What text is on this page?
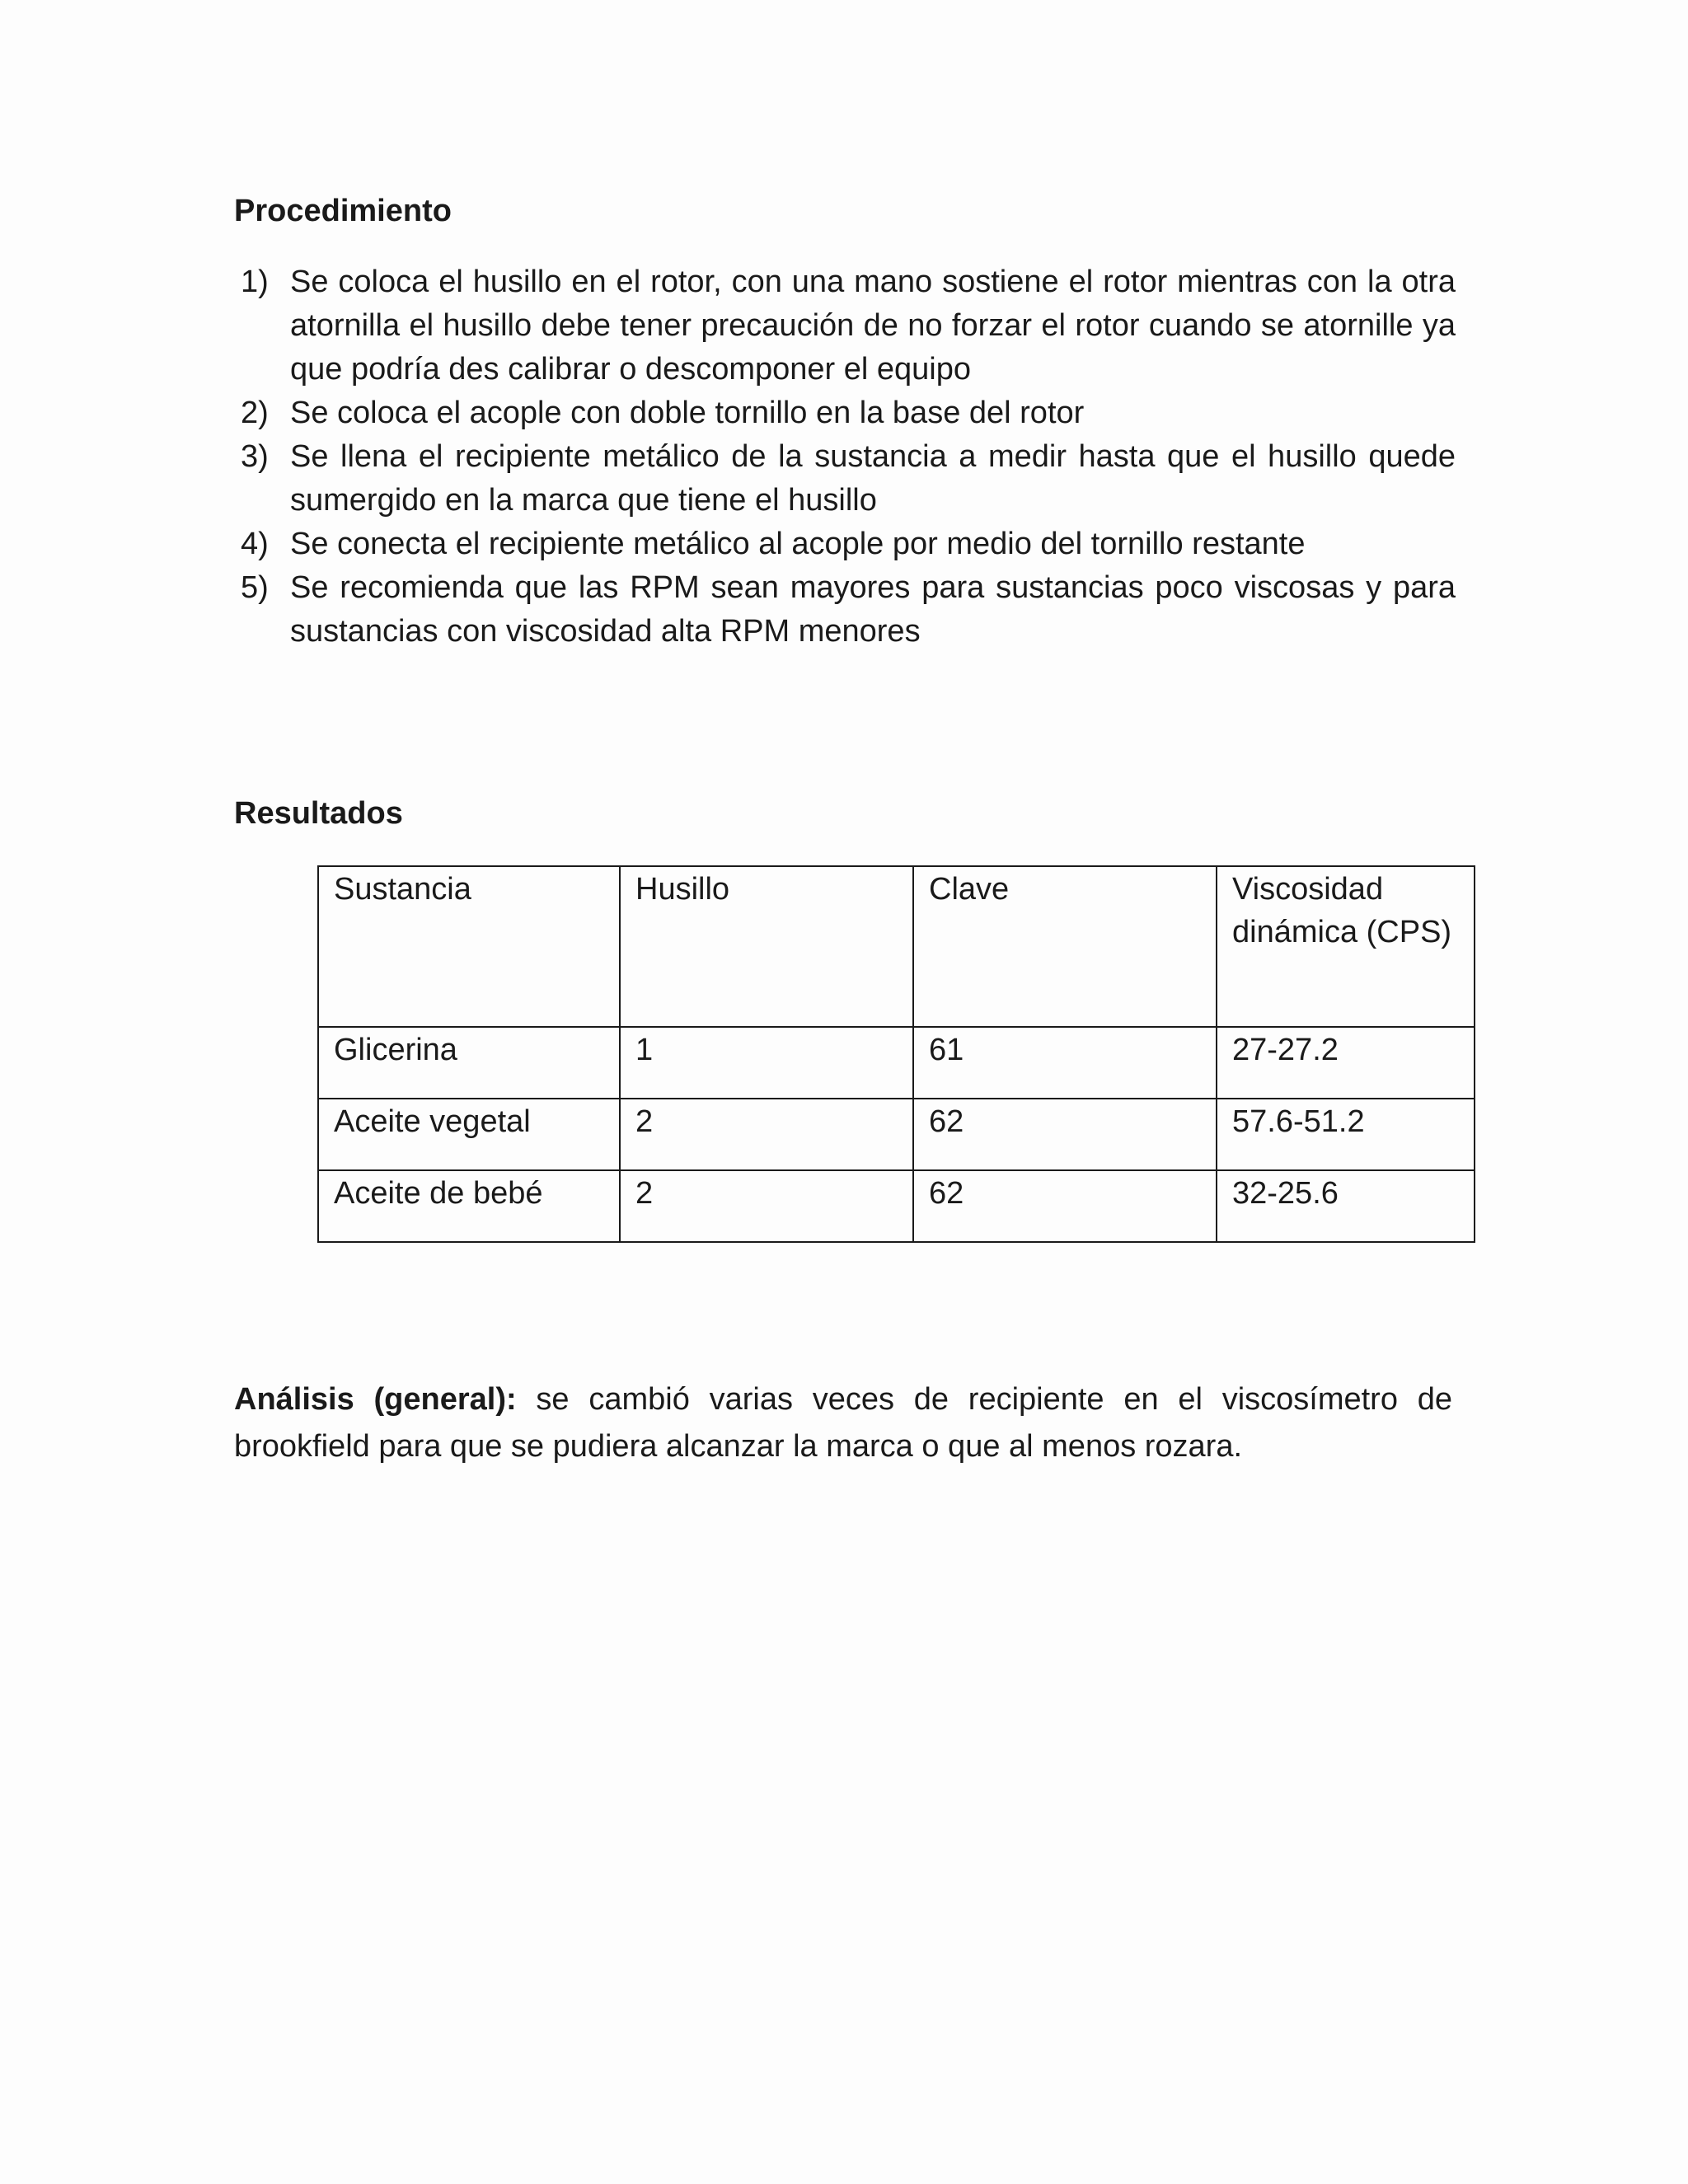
Procedimiento
1) Se coloca el husillo en el rotor, con una mano sostiene el rotor mientras con la otra atornilla el husillo debe tener precaución de no forzar el rotor cuando se atornille ya que podría des calibrar o descomponer el equipo
2) Se coloca el acople con doble tornillo en la base del rotor
3) Se llena el recipiente metálico de la sustancia a medir hasta que el husillo quede sumergido en la marca que tiene el husillo
4) Se conecta el recipiente metálico al acople por medio del tornillo restante
5) Se recomienda que las RPM sean mayores para sustancias poco viscosas y para sustancias con viscosidad alta RPM menores
Resultados
Sustancia	Husillo	Clave	Viscosidad dinámica (CPS)
Glicerina	1	61	27-27.2
Aceite vegetal	2	62	57.6-51.2
Aceite de bebé	2	62	32-25.6

Análisis (general): se cambió varias veces de recipiente en el viscosímetro de brookfield para que se pudiera alcanzar la marca o que al menos rozara.
